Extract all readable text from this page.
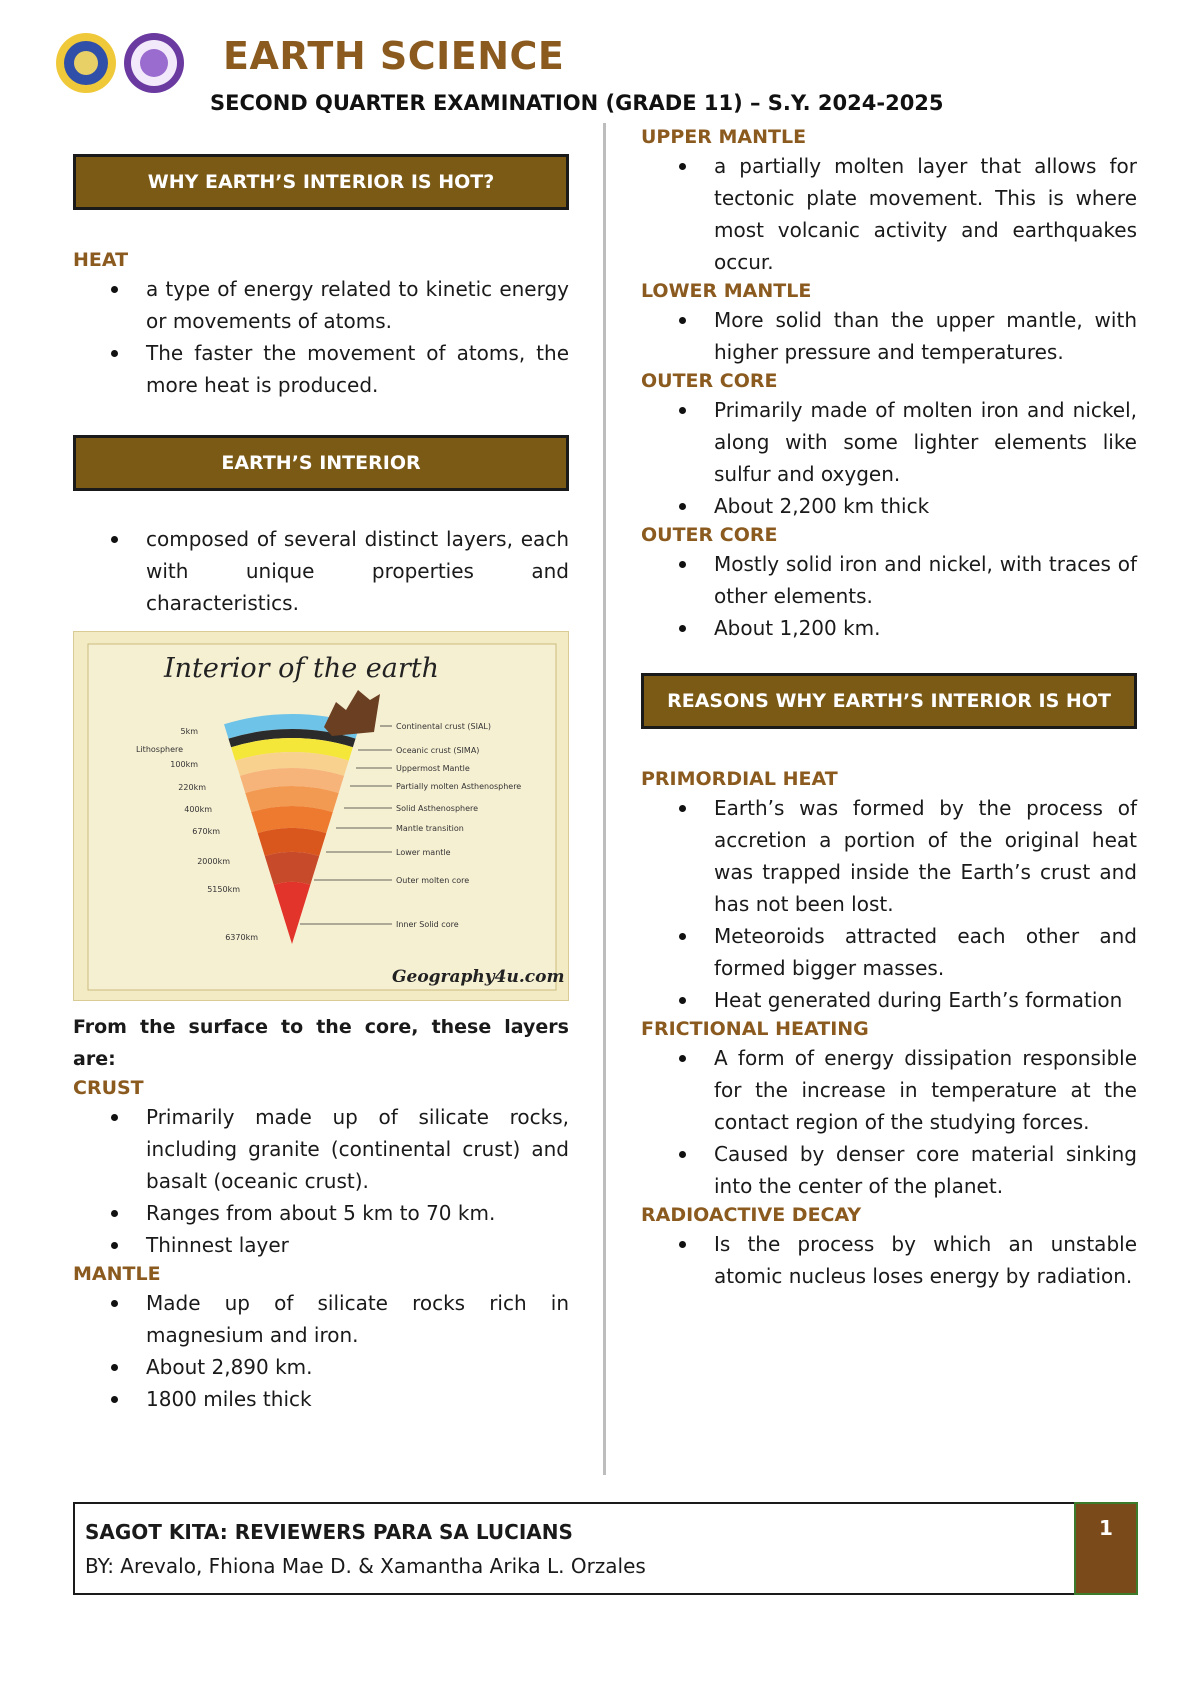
EARTH SCIENCE
SECOND QUARTER EXAMINATION (GRADE 11) – S.Y. 2024-2025
WHY EARTH’S INTERIOR IS HOT?
HEAT
a type of energy related to kinetic energy or movements of atoms.
The faster the movement of atoms, the more heat is produced.
EARTH’S INTERIOR
composed of several distinct layers, each with unique properties and characteristics.
Interior of the earth
5km
100km
220km
400km
670km
2000km
5150km
6370km
Lithosphere
Continental crust (SIAL)
Oceanic crust (SIMA)
Uppermost Mantle
Partially molten Asthenosphere
Solid Asthenosphere
Mantle transition
Lower mantle
Outer molten core
Inner Solid core
Geography4u.com
From the surface to the core, these layers are:
CRUST
Primarily made up of silicate rocks, including granite (continental crust) and basalt (oceanic crust).
Ranges from about 5 km to 70 km.
Thinnest layer
MANTLE
Made up of silicate rocks rich in magnesium and iron.
About 2,890 km.
1800 miles thick
UPPER MANTLE
a partially molten layer that allows for tectonic plate movement. This is where most volcanic activity and earthquakes occur.
LOWER MANTLE
More solid than the upper mantle, with higher pressure and temperatures.
OUTER CORE
Primarily made of molten iron and nickel, along with some lighter elements like sulfur and oxygen.
About 2,200 km thick
OUTER CORE
Mostly solid iron and nickel, with traces of other elements.
About 1,200 km.
REASONS WHY EARTH’S INTERIOR IS HOT
PRIMORDIAL HEAT
Earth’s was formed by the process of accretion a portion of the original heat was trapped inside the Earth’s crust and has not been lost.
Meteoroids attracted each other and formed bigger masses.
Heat generated during Earth’s formation
FRICTIONAL HEATING
A form of energy dissipation responsible for the increase in temperature at the contact region of the studying forces.
Caused by denser core material sinking into the center of the planet.
RADIOACTIVE DECAY
Is the process by which an unstable atomic nucleus loses energy by radiation.
SAGOT KITA: REVIEWERS PARA SA LUCIANS
BY: Arevalo, Fhiona Mae D. & Xamantha Arika L. Orzales
1
